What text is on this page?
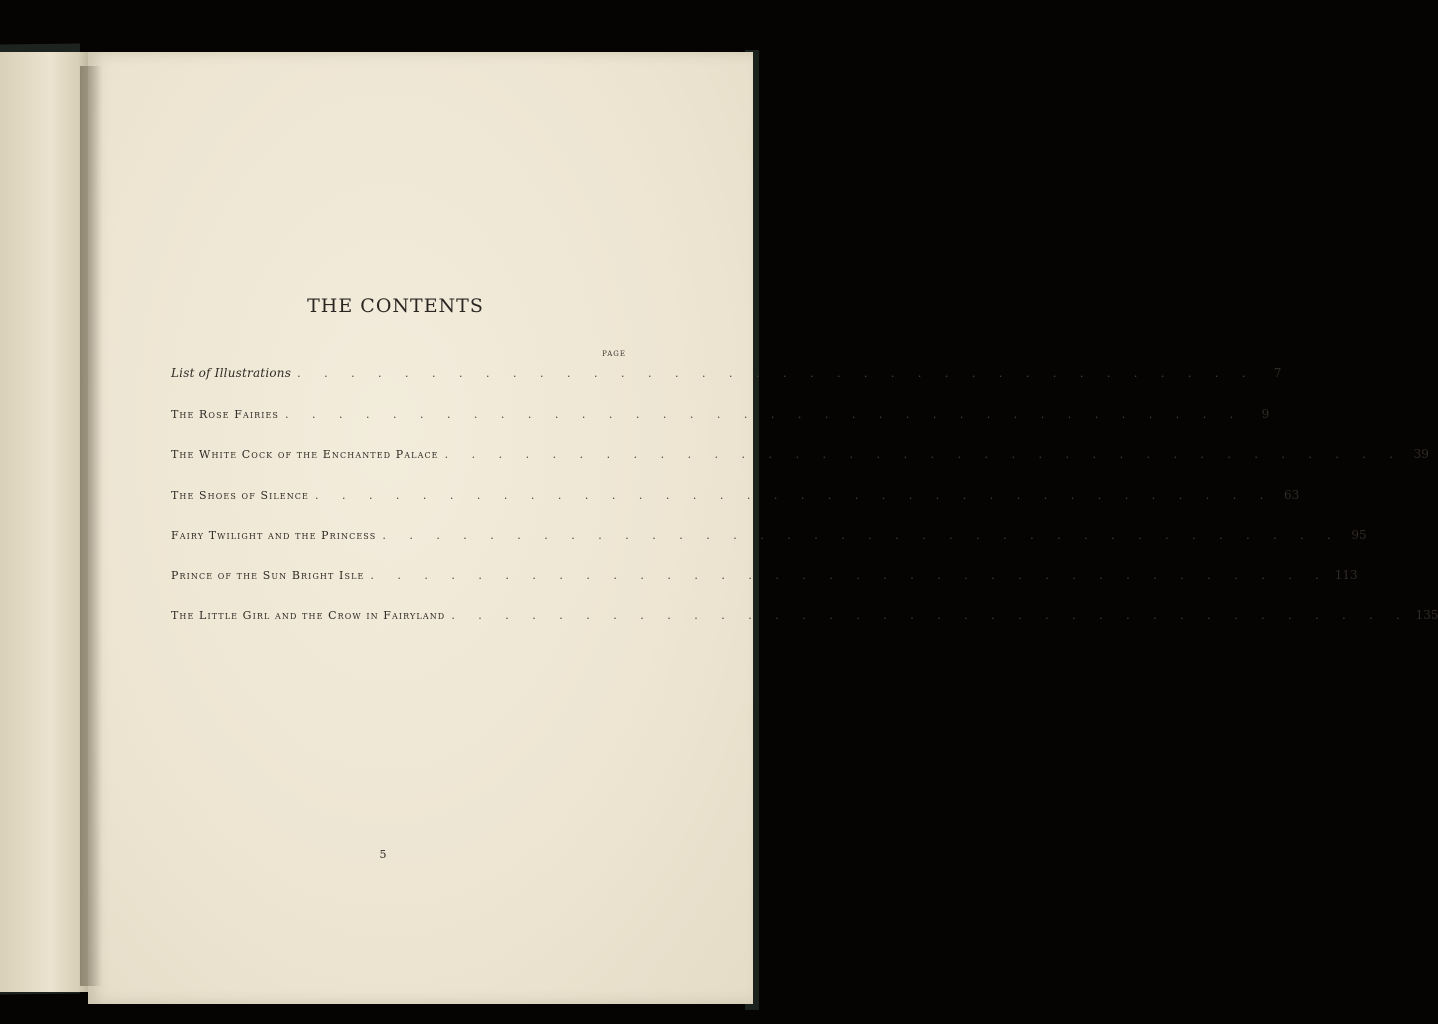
THE CONTENTS
PAGE
List of Illustrations . . . . . . . . . . . . . . . . . . . . . . . . . . . . . . . . . . . .	7
The Rose Fairies . . . . . . . . . . . . . . . . . . . . . . . . . . . . . . . . . . . .	9
The White Cock of the Enchanted Palace . . . . . . . . . . . . . . . . . . . . . . . . . . . . . . . . . . . . 39
The Shoes of Silence . . . . . . . . . . . . . . . . . . . . . . . . . . . . . . . . . . . . 63
Fairy Twilight and the Princess . . . . . . . . . . . . . . . . . . . . . . . . . . . . . . . . . . . . 95
Prince of the Sun Bright Isle . . . . . . . . . . . . . . . . . . . . . . . . . . . . . . . . . . . . 113
The Little Girl and the Crow in Fairyland . . . . . . . . . . . . . . . . . . . . . . . . . . . . . . . . . . . . 135
5
